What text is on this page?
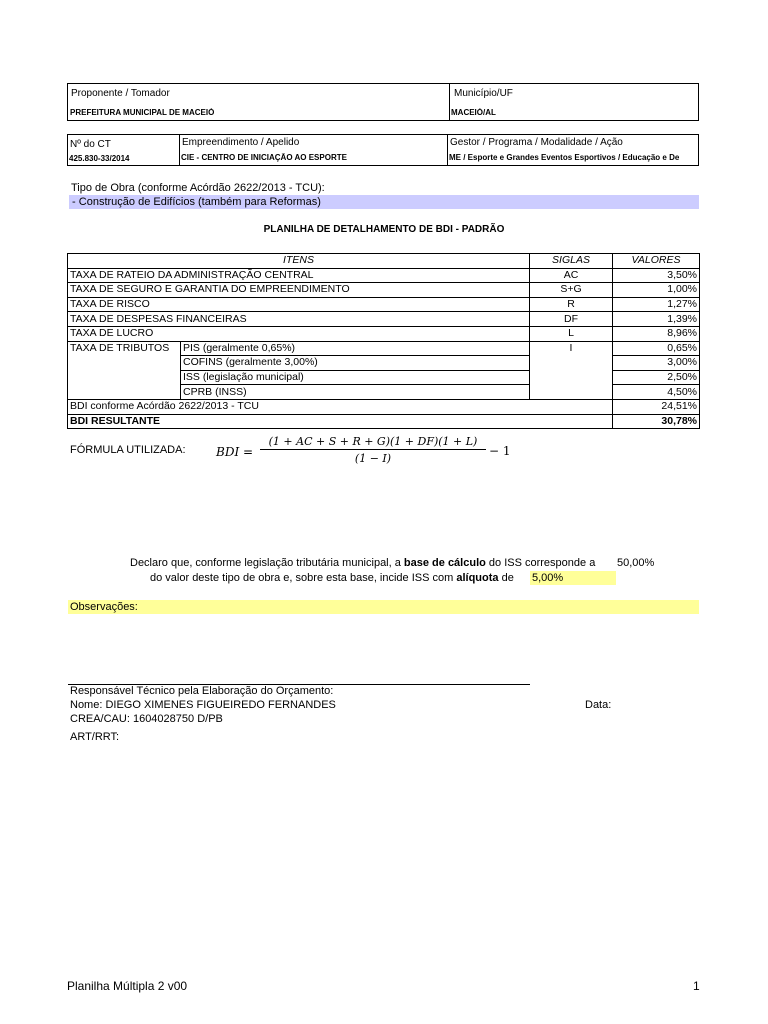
Proponente / Tomador
PREFEITURA MUNICIPAL DE MACEIÓ
Município/UF
MACEIÓ/AL
Nº do CT
425.830-33/2014
Empreendimento / Apelido
CIE - CENTRO DE INICIAÇÃO AO ESPORTE
Gestor / Programa / Modalidade / Ação
ME / Esporte e Grandes Eventos Esportivos / Educação e De
Tipo de Obra (conforme Acórdão 2622/2013 - TCU):
- Construção de Edifícios (também para Reformas)
PLANILHA DE DETALHAMENTO DE BDI - PADRÃO
ITENS		SIGLAS	VALORES
TAXA DE RATEIO DA ADMINISTRAÇÃO CENTRAL		AC	3,50%
TAXA DE SEGURO E GARANTIA DO EMPREENDIMENTO		S+G	1,00%
TAXA DE RISCO		R	1,27%
TAXA DE DESPESAS FINANCEIRAS		DF	1,39%
TAXA DE LUCRO		L	8,96%
TAXA DE TRIBUTOS	PIS (geralmente 0,65%)	I	0,65%
	COFINS (geralmente 3,00%)		3,00%
	ISS (legislação municipal)		2,50%
	CPRB (INSS)		4,50%
BDI conforme Acórdão 2622/2013 - TCU			24,51%
BDI RESULTANTE			30,78%
FÓRMULA UTILIZADA:	BDI =
(1 + AC + S + R + G)(1 + DF)(1 + L)
(1 − I)
− 1
Declaro que, conforme legislação tributária municipal, a base de cálculo do ISS corresponde a 50,00%
do valor deste tipo de obra e, sobre esta base, incide ISS com alíquota de 5,00%
Observações:
Responsável Técnico pela Elaboração do Orçamento:
Nome: DIEGO XIMENES FIGUEIREDO FERNANDES	Data:
CREA/CAU: 1604028750 D/PB
ART/RRT:
Planilha Múltipla 2 v00	1
